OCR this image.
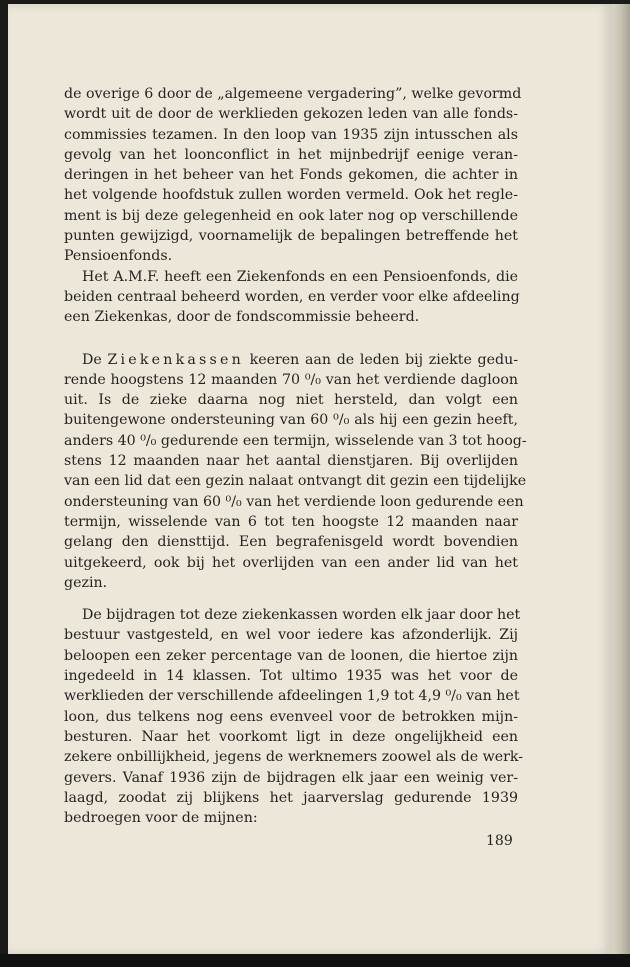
de overige 6 door de „algemeene vergadering”, welke gevormd
wordt uit de door de werklieden gekozen leden van alle fonds-
commissies tezamen. In den loop van 1935 zijn intusschen als
gevolg van het loonconflict in het mijnbedrijf eenige veran-
deringen in het beheer van het Fonds gekomen, die achter in
het volgende hoofdstuk zullen worden vermeld. Ook het regle-
ment is bij deze gelegenheid en ook later nog op verschillende
punten gewijzigd, voornamelijk de bepalingen betreffende het
Pensioenfonds.
Het A.M.F. heeft een Ziekenfonds en een Pensioenfonds, die
beiden centraal beheerd worden, en verder voor elke afdeeling
een Ziekenkas, door de fondscommissie beheerd.
De Ziekenkassen keeren aan de leden bij ziekte gedu-
rende hoogstens 12 maanden 70 ⁰/₀ van het verdiende dagloon
uit. Is de zieke daarna nog niet hersteld, dan volgt een
buitengewone ondersteuning van 60 ⁰/₀ als hij een gezin heeft,
anders 40 ⁰/₀ gedurende een termijn, wisselende van 3 tot hoog-
stens 12 maanden naar het aantal dienstjaren. Bij overlijden
van een lid dat een gezin nalaat ontvangt dit gezin een tijdelijke
ondersteuning van 60 ⁰/₀ van het verdiende loon gedurende een
termijn, wisselende van 6 tot ten hoogste 12 maanden naar
gelang den diensttijd. Een begrafenisgeld wordt bovendien
uitgekeerd, ook bij het overlijden van een ander lid van het
gezin.
De bijdragen tot deze ziekenkassen worden elk jaar door het
bestuur vastgesteld, en wel voor iedere kas afzonderlijk. Zij
beloopen een zeker percentage van de loonen, die hiertoe zijn
ingedeeld in 14 klassen. Tot ultimo 1935 was het voor de
werklieden der verschillende afdeelingen 1,9 tot 4,9 ⁰/₀ van het
loon, dus telkens nog eens evenveel voor de betrokken mijn-
besturen. Naar het voorkomt ligt in deze ongelijkheid een
zekere onbillijkheid, jegens de werknemers zoowel als de werk-
gevers. Vanaf 1936 zijn de bijdragen elk jaar een weinig ver-
laagd, zoodat zij blijkens het jaarverslag gedurende 1939
bedroegen voor de mijnen:
189
